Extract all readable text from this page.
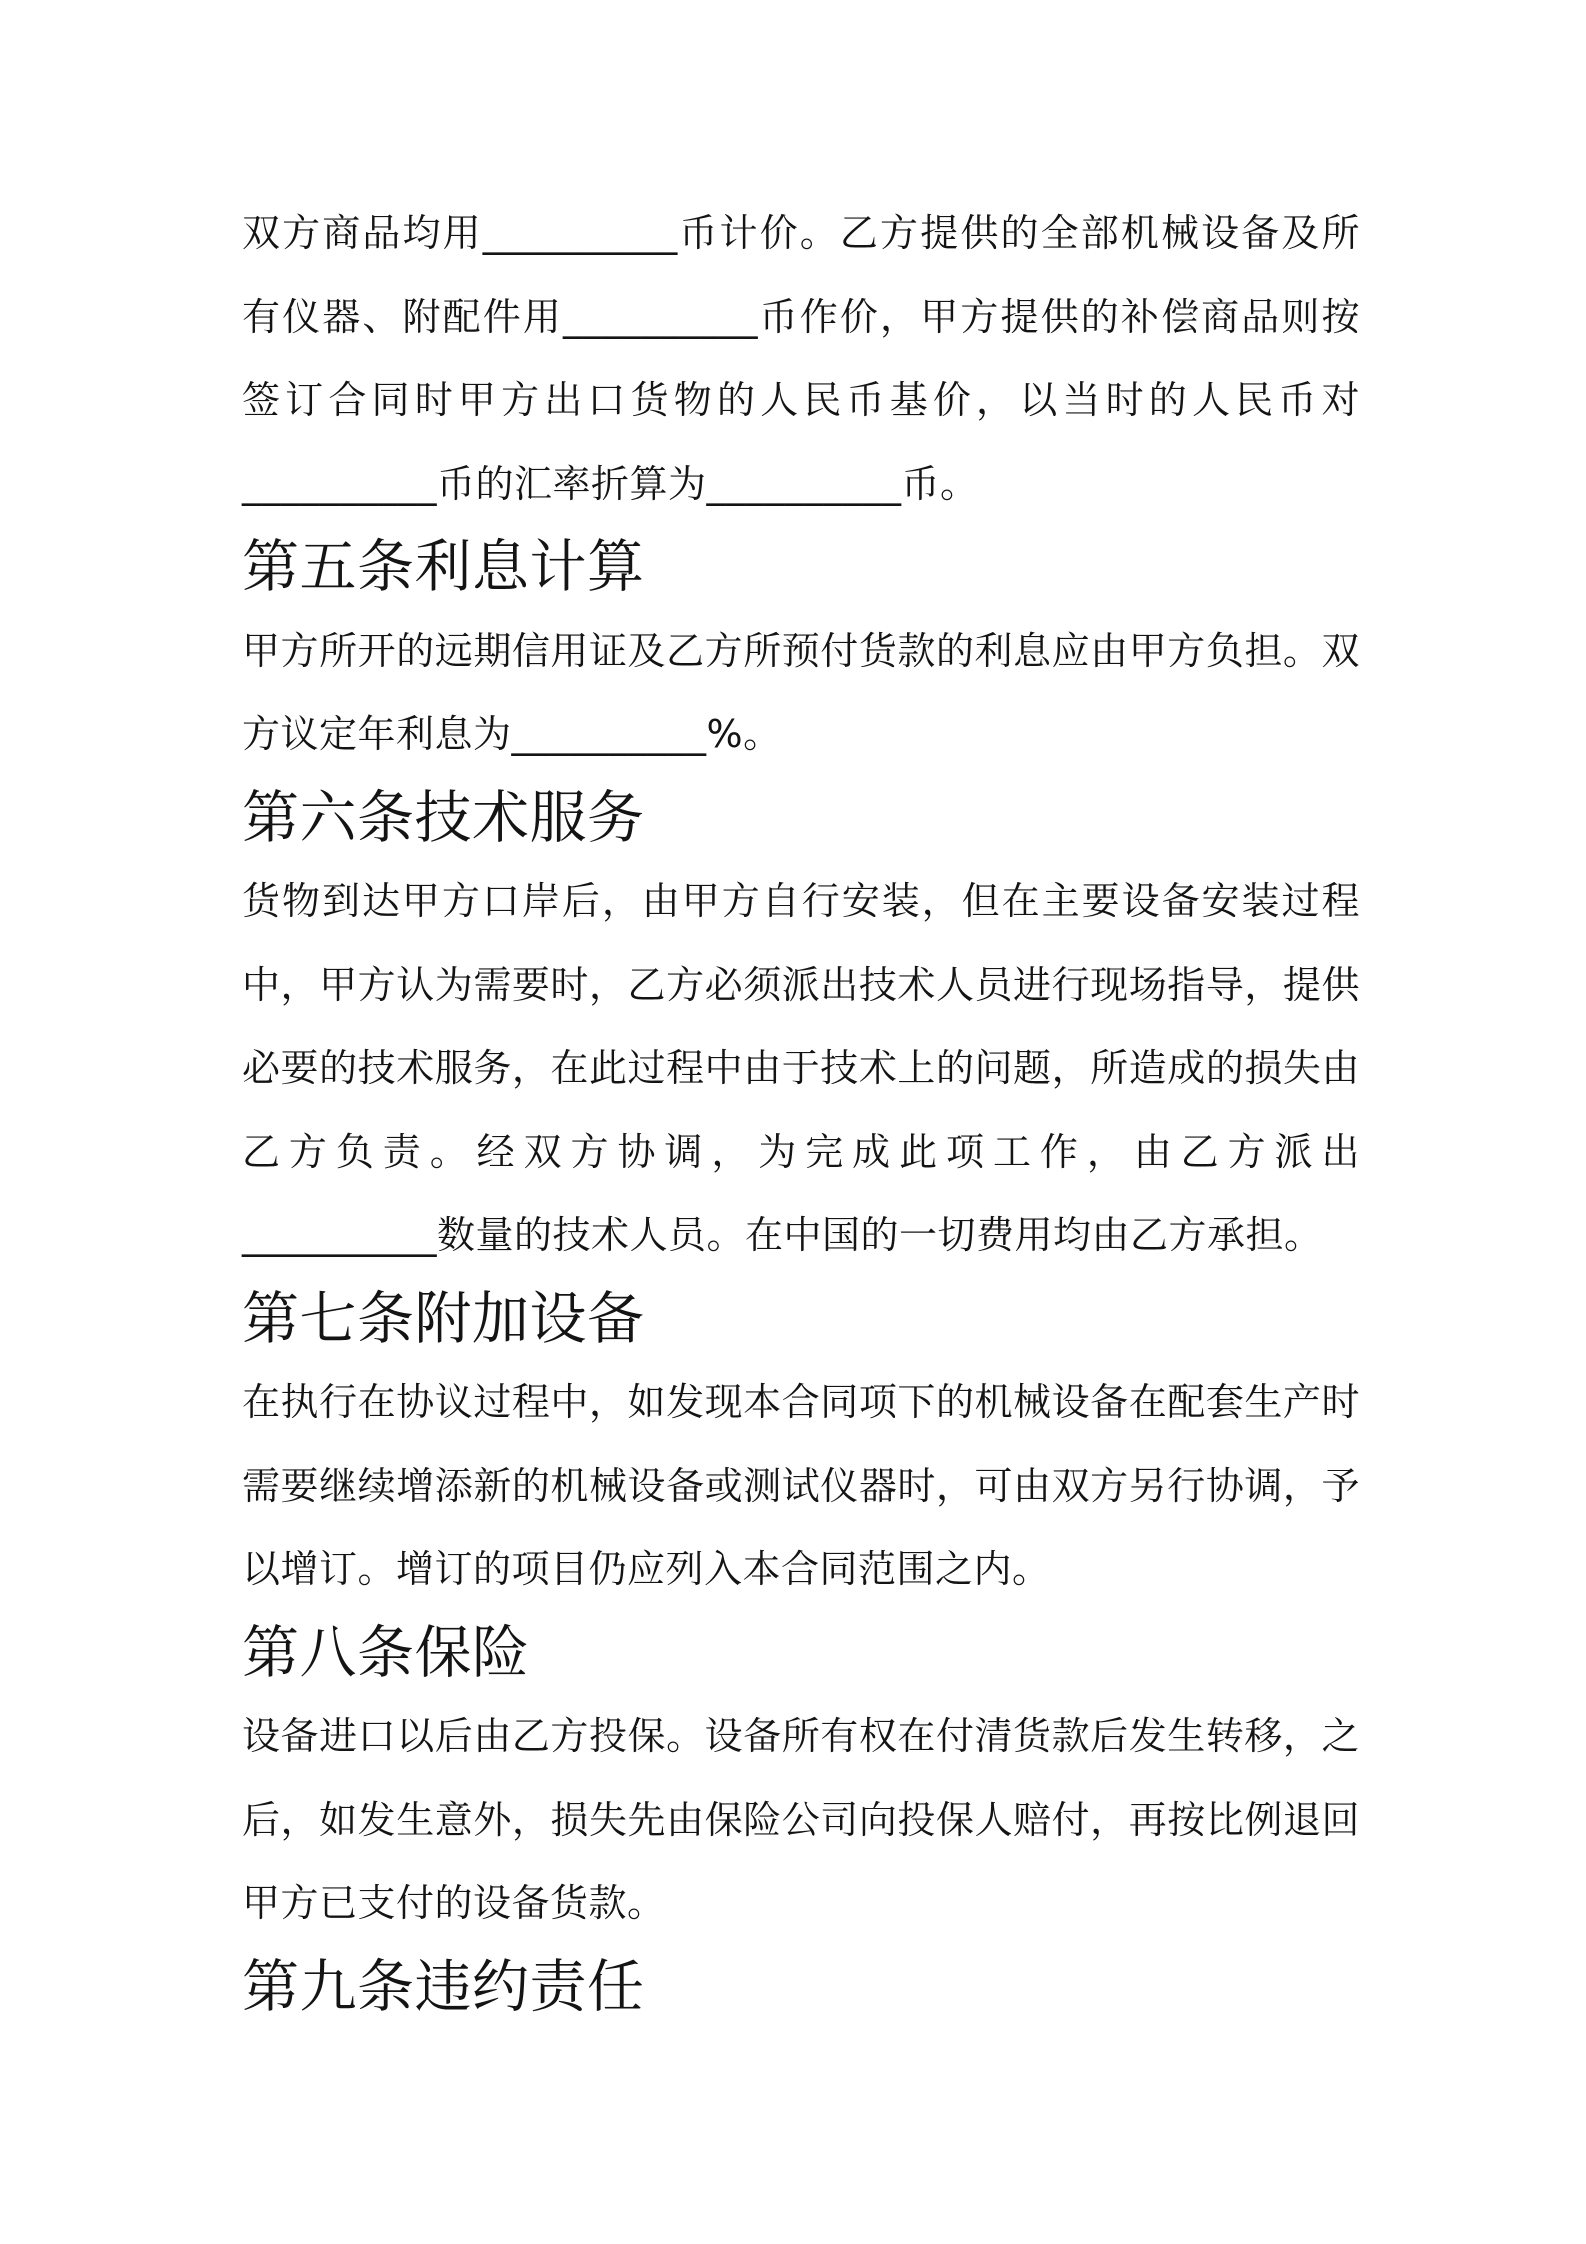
双方商品均用__________币计价。乙方提供的全部机械设备及所有仪器、附配件用__________币作价，甲方提供的补偿商品则按签订合同时甲方出口货物的人民币基价，以当时的人民币对__________币的汇率折算为__________币。

第五条利息计算

甲方所开的远期信用证及乙方所预付货款的利息应由甲方负担。双方议定年利息为__________%。

第六条技术服务

货物到达甲方口岸后，由甲方自行安装，但在主要设备安装过程中，甲方认为需要时，乙方必须派出技术人员进行现场指导，提供必要的技术服务，在此过程中由于技术上的问题，所造成的损失由乙方负责。经双方协调，为完成此项工作，由乙方派出__________数量的技术人员。在中国的一切费用均由乙方承担。

第七条附加设备

在执行在协议过程中，如发现本合同项下的机械设备在配套生产时需要继续增添新的机械设备或测试仪器时，可由双方另行协调，予以增订。增订的项目仍应列入本合同范围之内。

第八条保险

设备进口以后由乙方投保。设备所有权在付清货款后发生转移，之后，如发生意外，损失先由保险公司向投保人赔付，再按比例退回甲方已支付的设备货款。

第九条违约责任
